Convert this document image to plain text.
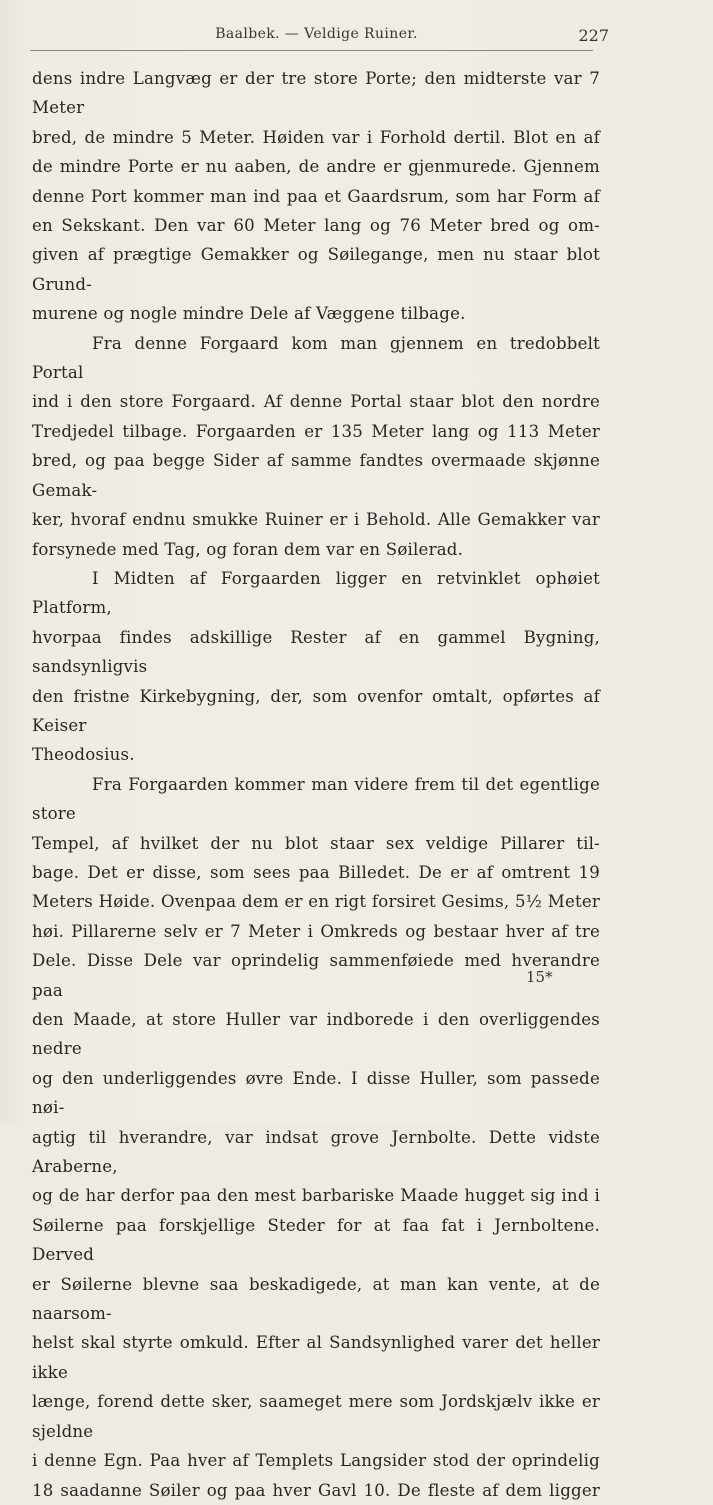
Baalbek. — Veldige Ruiner.	227

dens indre Langvæg er der tre store Porte; den midterste var 7 Meter

bred, de mindre 5 Meter. Høiden var i Forhold dertil. Blot en af

de mindre Porte er nu aaben, de andre er gjenmurede. Gjennem

denne Port kommer man ind paa et Gaardsrum, som har Form af

en Sekskant. Den var 60 Meter lang og 76 Meter bred og om-

given af prægtige Gemakker og Søilegange, men nu staar blot Grund-

murene og nogle mindre Dele af Væggene tilbage.

Fra denne Forgaard kom man gjennem en tredobbelt Portal

ind i den store Forgaard. Af denne Portal staar blot den nordre

Tredjedel tilbage. Forgaarden er 135 Meter lang og 113 Meter

bred, og paa begge Sider af samme fandtes overmaade skjønne Gemak-

ker, hvoraf endnu smukke Ruiner er i Behold. Alle Gemakker var

forsynede med Tag, og foran dem var en Søilerad.

I Midten af Forgaarden ligger en retvinklet ophøiet Platform,

hvorpaa findes adskillige Rester af en gammel Bygning, sandsynligvis

den fristne Kirkebygning, der, som ovenfor omtalt, opførtes af Keiser

Theodosius.

Fra Forgaarden kommer man videre frem til det egentlige store

Tempel, af hvilket der nu blot staar sex veldige Pillarer til-

bage. Det er disse, som sees paa Billedet. De er af omtrent 19

Meters Høide. Ovenpaa dem er en rigt forsiret Gesims, 5½ Meter

høi. Pillarerne selv er 7 Meter i Omkreds og bestaar hver af tre

Dele. Disse Dele var oprindelig sammenføiede med hverandre paa

den Maade, at store Huller var indborede i den overliggendes nedre

og den underliggendes øvre Ende. I disse Huller, som passede nøi-

agtig til hverandre, var indsat grove Jernbolte. Dette vidste Araberne,

og de har derfor paa den mest barbariske Maade hugget sig ind i

Søilerne paa forskjellige Steder for at faa fat i Jernboltene. Derved

er Søilerne blevne saa beskadigede, at man kan vente, at de naarsom-

helst skal styrte omkuld. Efter al Sandsynlighed varer det heller ikke

længe, forend dette sker, saameget mere som Jordskjælv ikke er sjeldne

i denne Egn. Paa hver af Templets Langsider stod der oprindelig

18 saadanne Søiler og paa hver Gavl 10. De fleste af dem ligger

15*
